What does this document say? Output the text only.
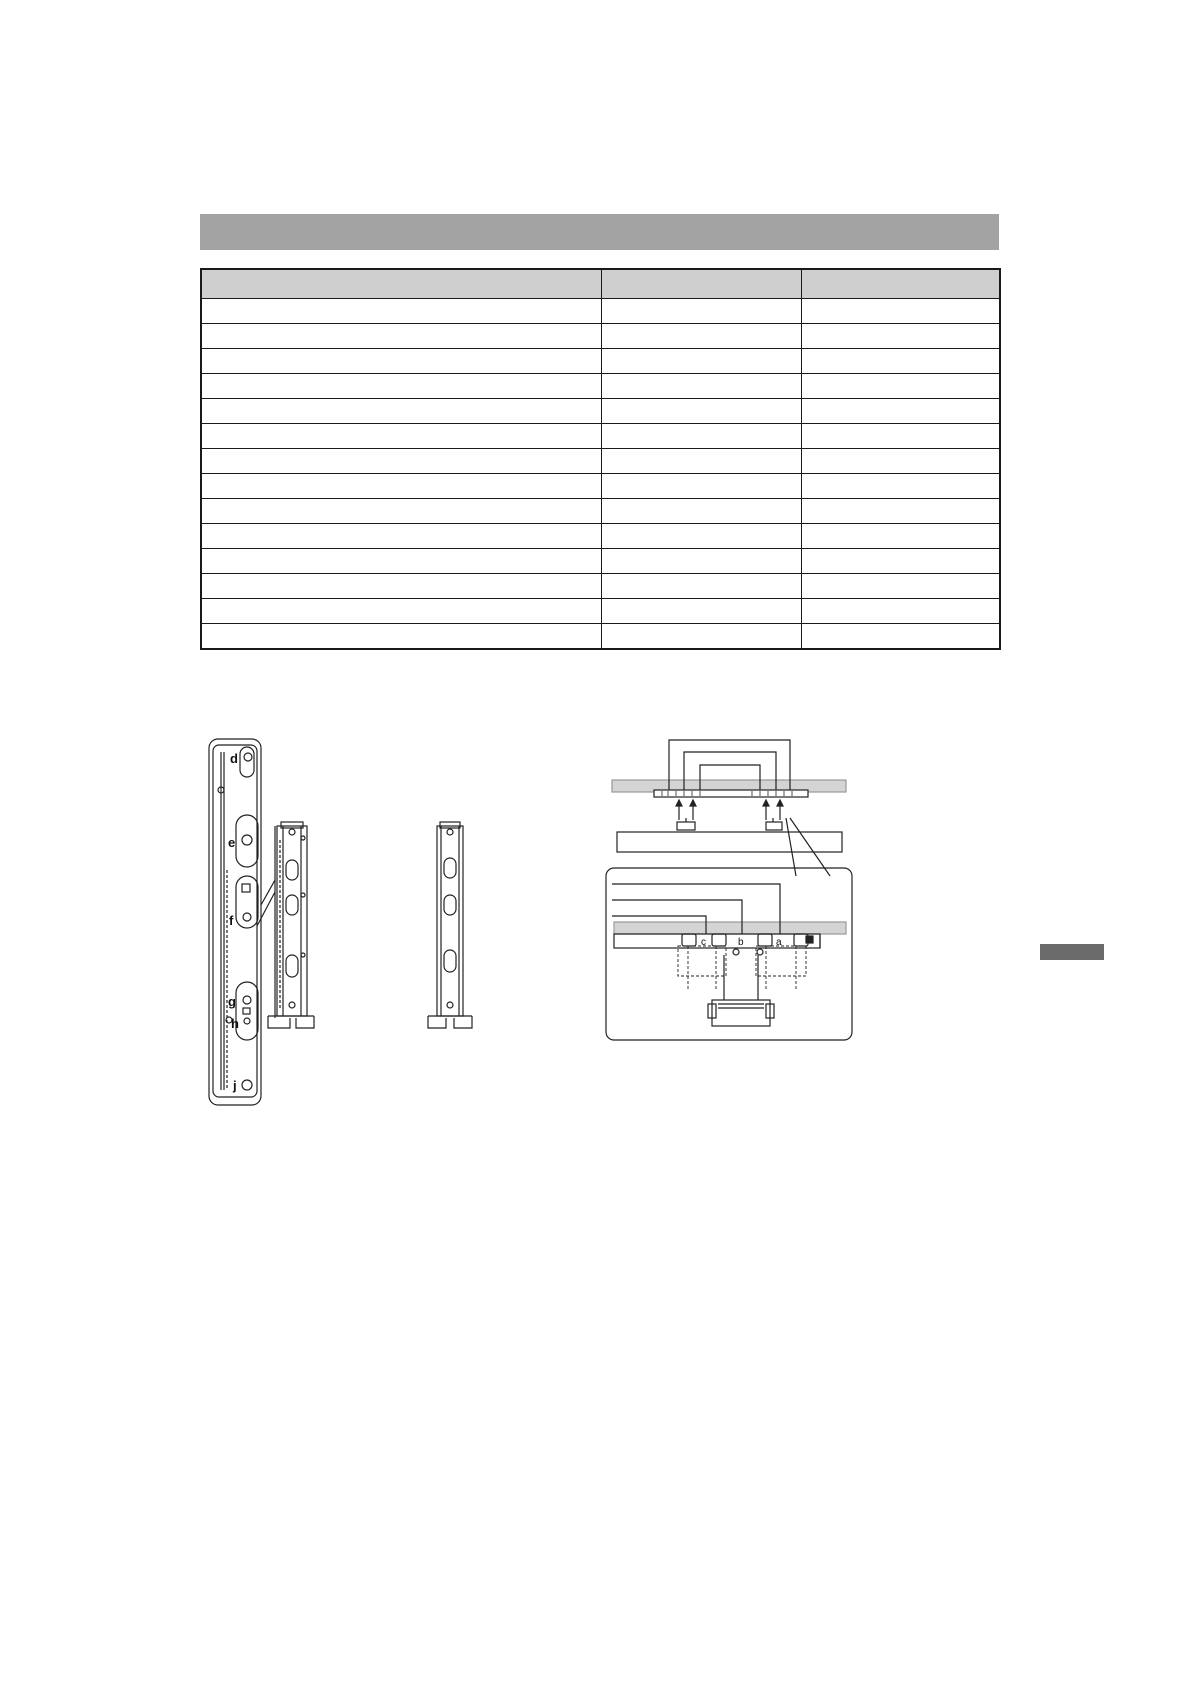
d
e
f
g
h
j
c	b	a
